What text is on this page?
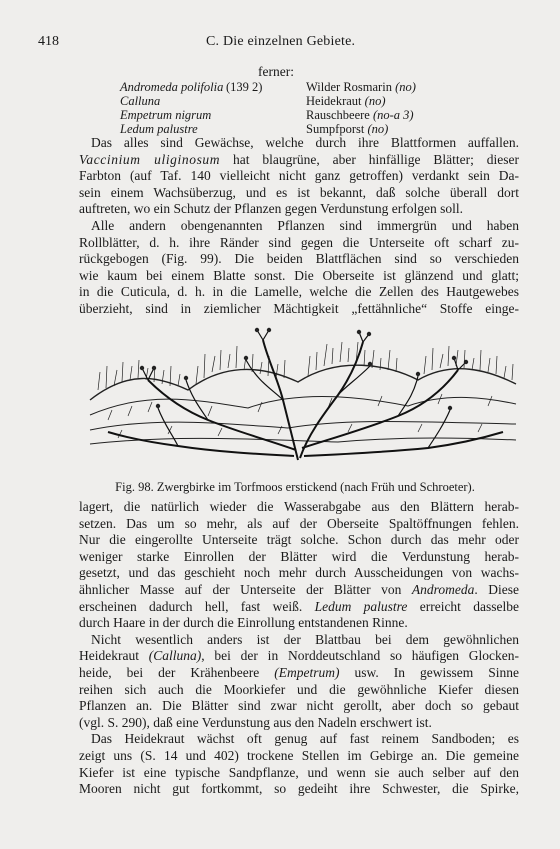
418	C. Die einzelnen Gebiete.
ferner:
Andromeda polifolia	(139 2)	Wilder Rosmarin (no)
Calluna		Heidekraut (no)
Empetrum nigrum		Rauschbeere (no-a 3)
Ledum palustre		Sumpfporst (no)
Das alles sind Gewächse, welche durch ihre Blattformen auffallen.
Vaccinium uliginosum hat blaugrüne, aber hinfällige Blätter; dieser
Farbton (auf Taf. 140 vielleicht nicht ganz getroffen) verdankt sein Da-
sein einem Wachsüberzug, und es ist bekannt, daß solche überall dort
auftreten, wo ein Schutz der Pflanzen gegen Verdunstung erfolgen soll.
Alle andern obengenannten Pflanzen sind immergrün und haben
Rollblätter, d. h. ihre Ränder sind gegen die Unterseite oft scharf zu-
rückgebogen (Fig. 99). Die beiden Blattflächen sind so verschieden
wie kaum bei einem Blatte sonst. Die Oberseite ist glänzend und glatt;
in die Cuticula, d. h. in die Lamelle, welche die Zellen des Hautgewebes
überzieht, sind in ziemlicher Mächtigkeit „fettähnliche“ Stoffe einge-
Fig. 98. Zwergbirke im Torfmoos erstickend (nach Früh und Schroeter).
lagert, die natürlich wieder die Wasserabgabe aus den Blättern herab-
setzen. Das um so mehr, als auf der Oberseite Spaltöffnungen fehlen.
Nur die eingerollte Unterseite trägt solche. Schon durch das mehr oder
weniger starke Einrollen der Blätter wird die Verdunstung herab-
gesetzt, und das geschieht noch mehr durch Ausscheidungen von wachs-
ähnlicher Masse auf der Unterseite der Blätter von Andromeda. Diese
erscheinen dadurch hell, fast weiß. Ledum palustre erreicht dasselbe
durch Haare in der durch die Einrollung entstandenen Rinne.
Nicht wesentlich anders ist der Blattbau bei dem gewöhnlichen
Heidekraut (Calluna), bei der in Norddeutschland so häufigen Glocken-
heide, bei der Krähenbeere (Empetrum) usw. In gewissem Sinne
reihen sich auch die Moorkiefer und die gewöhnliche Kiefer diesen
Pflanzen an. Die Blätter sind zwar nicht gerollt, aber doch so gebaut
(vgl. S. 290), daß eine Verdunstung aus den Nadeln erschwert ist.
Das Heidekraut wächst oft genug auf fast reinem Sandboden; es
zeigt uns (S. 14 und 402) trockene Stellen im Gebirge an. Die gemeine
Kiefer ist eine typische Sandpflanze, und wenn sie auch selber auf den
Mooren nicht gut fortkommt, so gedeiht ihre Schwester, die Spirke,
